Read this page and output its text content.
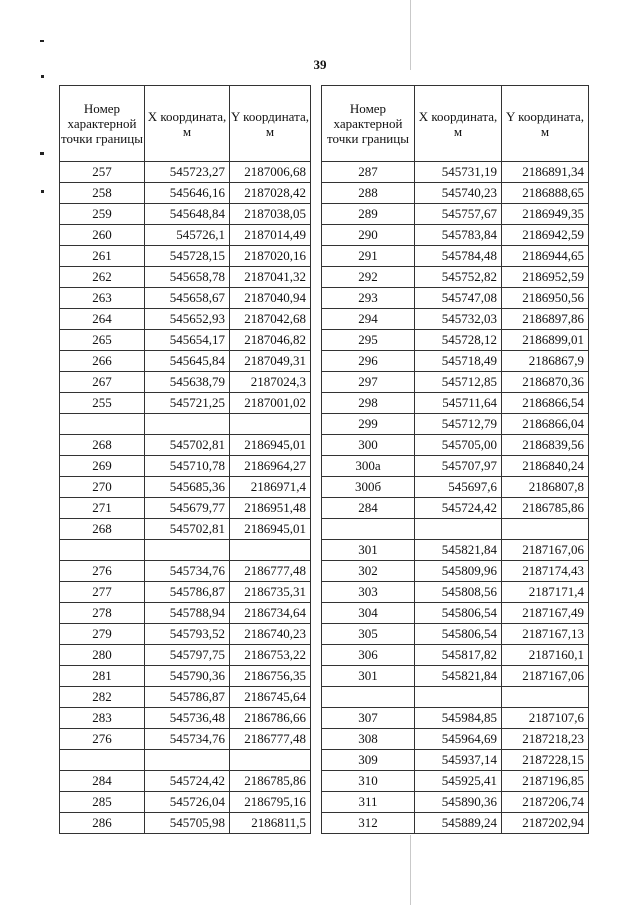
39
Номер характерной точки границы	X координата, м	Y координата, м
257	545723,27	2187006,68
258	545646,16	2187028,42
259	545648,84	2187038,05
260	545726,1	2187014,49
261	545728,15	2187020,16
262	545658,78	2187041,32
263	545658,67	2187040,94
264	545652,93	2187042,68
265	545654,17	2187046,82
266	545645,84	2187049,31
267	545638,79	2187024,3
255	545721,25	2187001,02

268	545702,81	2186945,01
269	545710,78	2186964,27
270	545685,36	2186971,4
271	545679,77	2186951,48
268	545702,81	2186945,01

276	545734,76	2186777,48
277	545786,87	2186735,31
278	545788,94	2186734,64
279	545793,52	2186740,23
280	545797,75	2186753,22
281	545790,36	2186756,35
282	545786,87	2186745,64
283	545736,48	2186786,66
276	545734,76	2186777,48

284	545724,42	2186785,86
285	545726,04	2186795,16
286	545705,98	2186811,5
Номер характерной точки границы	X координата, м	Y координата, м
287	545731,19	2186891,34
288	545740,23	2186888,65
289	545757,67	2186949,35
290	545783,84	2186942,59
291	545784,48	2186944,65
292	545752,82	2186952,59
293	545747,08	2186950,56
294	545732,03	2186897,86
295	545728,12	2186899,01
296	545718,49	2186867,9
297	545712,85	2186870,36
298	545711,64	2186866,54
299	545712,79	2186866,04
300	545705,00	2186839,56
300а	545707,97	2186840,24
300б	545697,6	2186807,8
284	545724,42	2186785,86

301	545821,84	2187167,06
302	545809,96	2187174,43
303	545808,56	2187171,4
304	545806,54	2187167,49
305	545806,54	2187167,13
306	545817,82	2187160,1
301	545821,84	2187167,06

307	545984,85	2187107,6
308	545964,69	2187218,23
309	545937,14	2187228,15
310	545925,41	2187196,85
311	545890,36	2187206,74
312	545889,24	2187202,94
